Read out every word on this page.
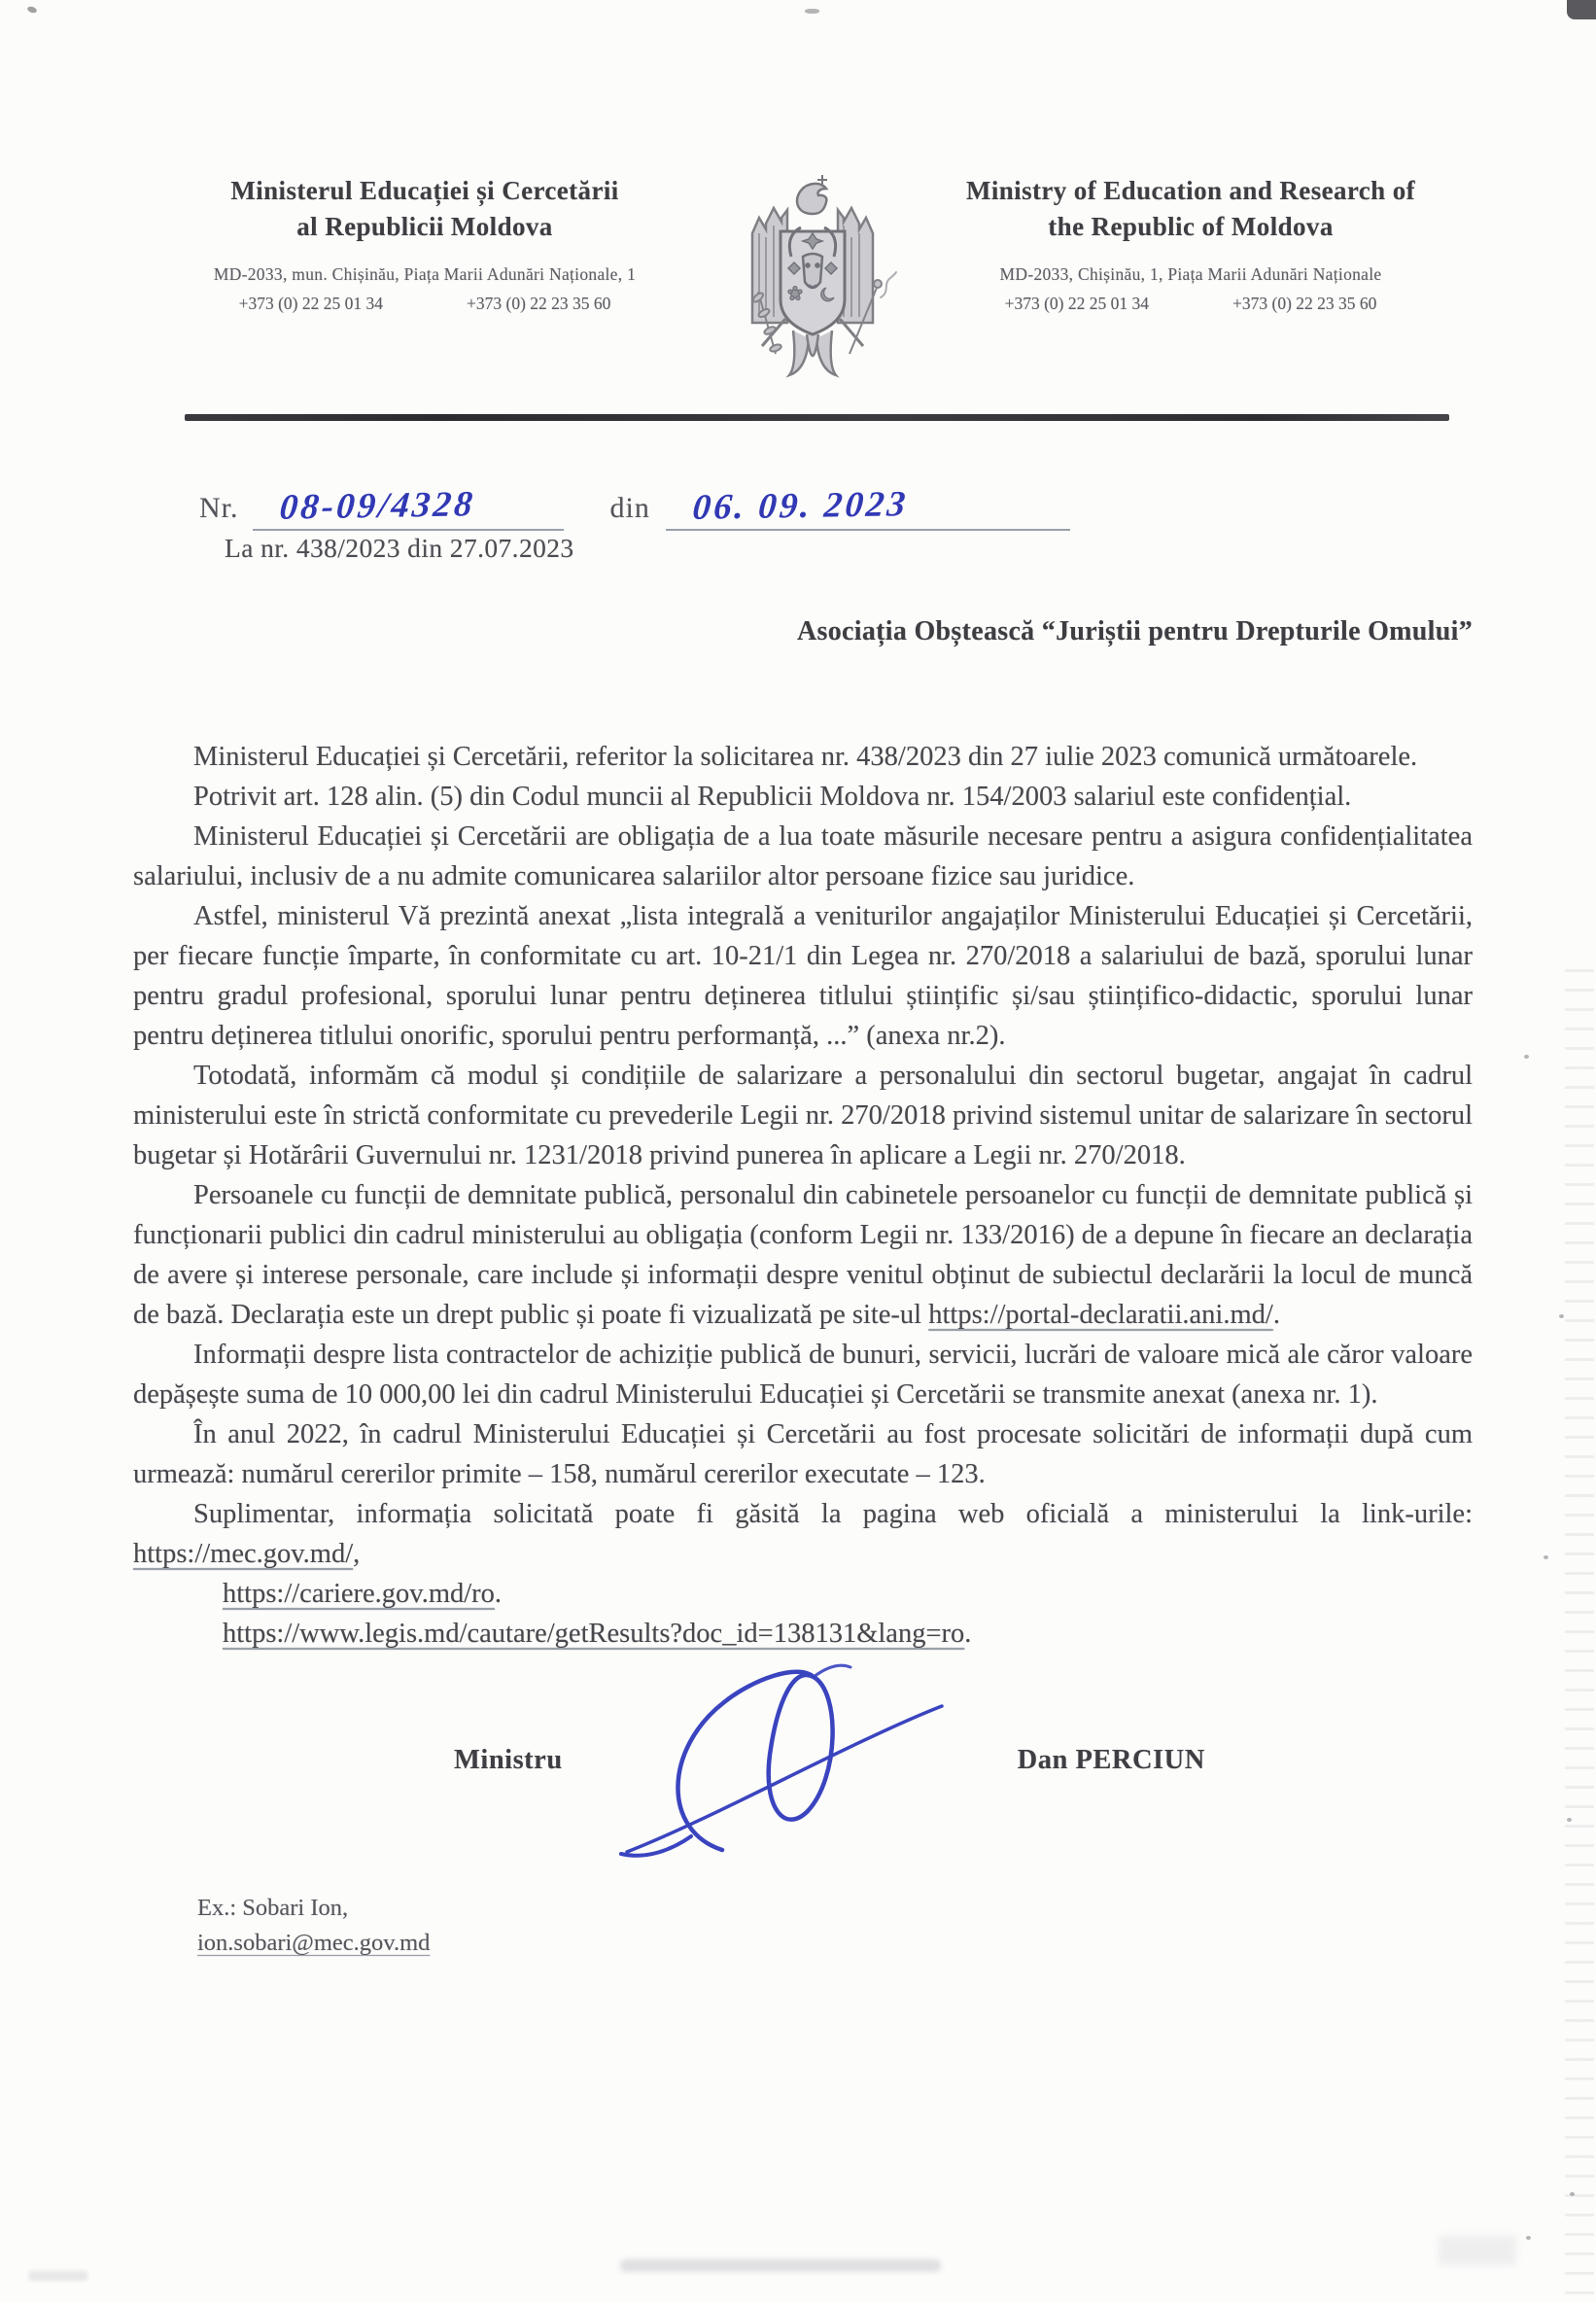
Ministerul Educației și Cercetării
al Republicii Moldova
MD-2033, mun. Chișinău, Piața Marii Adunări Naționale, 1
+373 (0) 22 25 01 34	+373 (0) 22 23 35 60
Ministry of Education and Research of
the Republic of Moldova
MD-2033, Chișinău, 1, Piața Marii Adunări Naționale
+373 (0) 22 25 01 34	+373 (0) 22 23 35 60
Nr. 08-09/4328	din 06. 09. 2023
La nr. 438/2023 din 27.07.2023
Asociația Obștească “Juriștii pentru Drepturile Omului”

Ministerul Educației și Cercetării, referitor la solicitarea nr. 438/2023 din 27 iulie 2023 comunică următoarele.

Potrivit art. 128 alin. (5) din Codul muncii al Republicii Moldova nr. 154/2003 salariul este confidențial.

Ministerul Educației și Cercetării are obligația de a lua toate măsurile necesare pentru a asigura confidențialitatea salariului, inclusiv de a nu admite comunicarea salariilor altor persoane fizice sau juridice.

Astfel, ministerul Vă prezintă anexat „lista integrală a veniturilor angajaților Ministerului Educației și Cercetării, per fiecare funcție împarte, în conformitate cu art. 10-21/1 din Legea nr. 270/2018 a salariului de bază, sporului lunar pentru gradul profesional, sporului lunar pentru deținerea titlului științific și/sau științifico-didactic, sporului lunar pentru deținerea titlului onorific, sporului pentru performanță, ...” (anexa nr.2).

Totodată, informăm că modul și condițiile de salarizare a personalului din sectorul bugetar, angajat în cadrul ministerului este în strictă conformitate cu prevederile Legii nr. 270/2018 privind sistemul unitar de salarizare în sectorul bugetar și Hotărârii Guvernului nr. 1231/2018 privind punerea în aplicare a Legii nr. 270/2018.

Persoanele cu funcții de demnitate publică, personalul din cabinetele persoanelor cu funcții de demnitate publică și funcționarii publici din cadrul ministerului au obligația (conform Legii nr. 133/2016) de a depune în fiecare an declarația de avere și interese personale, care include și informații despre venitul obținut de subiectul declarării la locul de muncă de bază. Declarația este un drept public și poate fi vizualizată pe site-ul https://portal-declaratii.ani.md/.

Informații despre lista contractelor de achiziție publică de bunuri, servicii, lucrări de valoare mică ale căror valoare depășește suma de 10 000,00 lei din cadrul Ministerului Educației și Cercetării se transmite anexat (anexa nr. 1).

În anul 2022, în cadrul Ministerului Educației și Cercetării au fost procesate solicitări de informații după cum urmează: numărul cererilor primite – 158, numărul cererilor executate – 123.

Suplimentar, informația solicitată poate fi găsită la pagina web oficială a ministerului la link-urile: https://mec.gov.md/,

https://cariere.gov.md/ro.

https://www.legis.md/cautare/getResults?doc_id=138131&lang=ro.

Ministru	Dan PERCIUN
Ex.: Sobari Ion,
ion.sobari@mec.gov.md
